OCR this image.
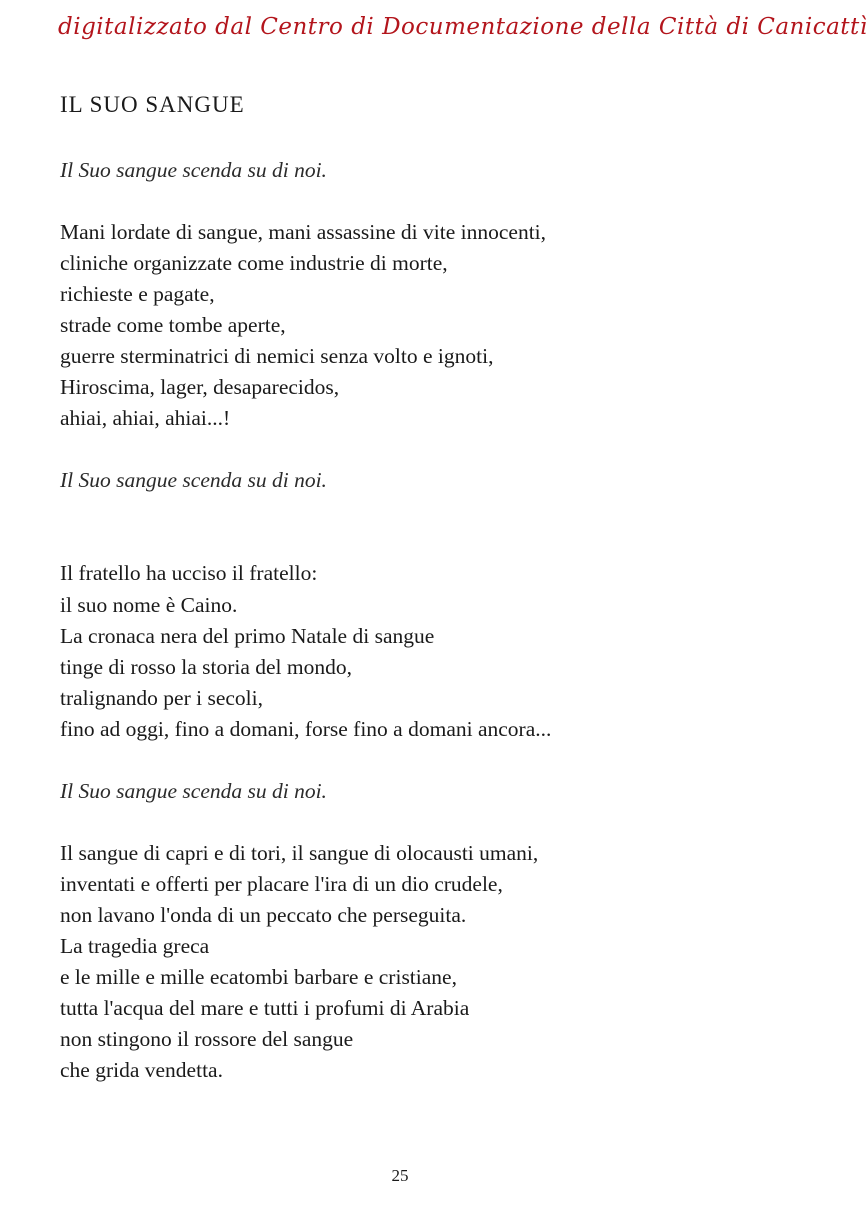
digitalizzato dal Centro di Documentazione della Città di Canicattì
IL SUO SANGUE

Il Suo sangue scenda su di noi.

Mani lordate di sangue, mani assassine di vite innocenti,

cliniche organizzate come industrie di morte,

richieste e pagate,

strade come tombe aperte,

guerre sterminatrici di nemici senza volto e ignoti,

Hiroscima, lager, desaparecidos,

ahiai, ahiai, ahiai...!

Il Suo sangue scenda su di noi.

Il fratello ha ucciso il fratello:

il suo nome è Caino.

La cronaca nera del primo Natale di sangue

tinge di rosso la storia del mondo,

tralignando per i secoli,

fino ad oggi, fino a domani, forse fino a domani ancora...

Il Suo sangue scenda su di noi.

Il sangue di capri e di tori, il sangue di olocausti umani,

inventati e offerti per placare l'ira di un dio crudele,

non lavano l'onda di un peccato che perseguita.

La tragedia greca

e le mille e mille ecatombi barbare e cristiane,

tutta l'acqua del mare e tutti i profumi di Arabia

non stingono il rossore del sangue

che grida vendetta.

25
